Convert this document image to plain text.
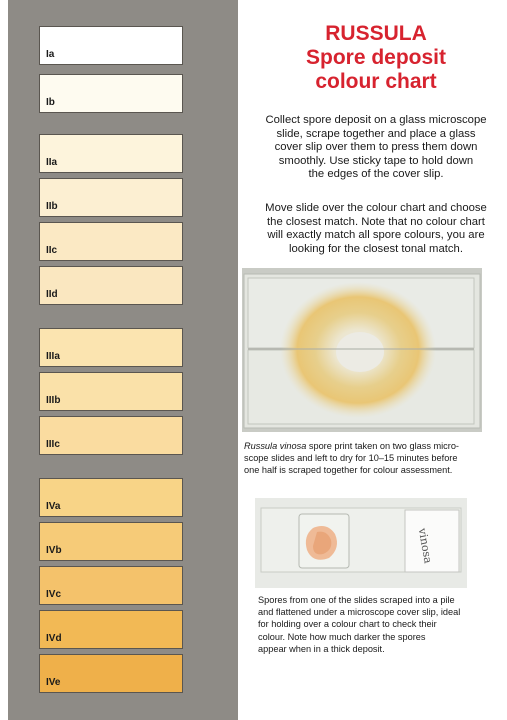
Ia
Ib
IIa
IIb
IIc
IId
IIIa
IIIb
IIIc
IVa
IVb
IVc
IVd
IVe
RUSSULA
Spore deposit
colour chart
Collect spore deposit on a glass microscope
slide, scrape together and place a glass
cover slip over them to press them down
smoothly. Use sticky tape to hold down
the edges of the cover slip.
Move slide over the colour chart and choose
the closest match. Note that no colour chart
will exactly match all spore colours, you are
looking for the closest tonal match.
Russula vinosa spore print taken on two glass micro-
scope slides and left to dry for 10–15 minutes before
one half is scraped together for colour assessment.
vinosa
Spores from one of the slides scraped into a pile
and flattened under a microscope cover slip, ideal
for holding over a colour chart to check their
colour. Note how much darker the spores
appear when in a thick deposit.
